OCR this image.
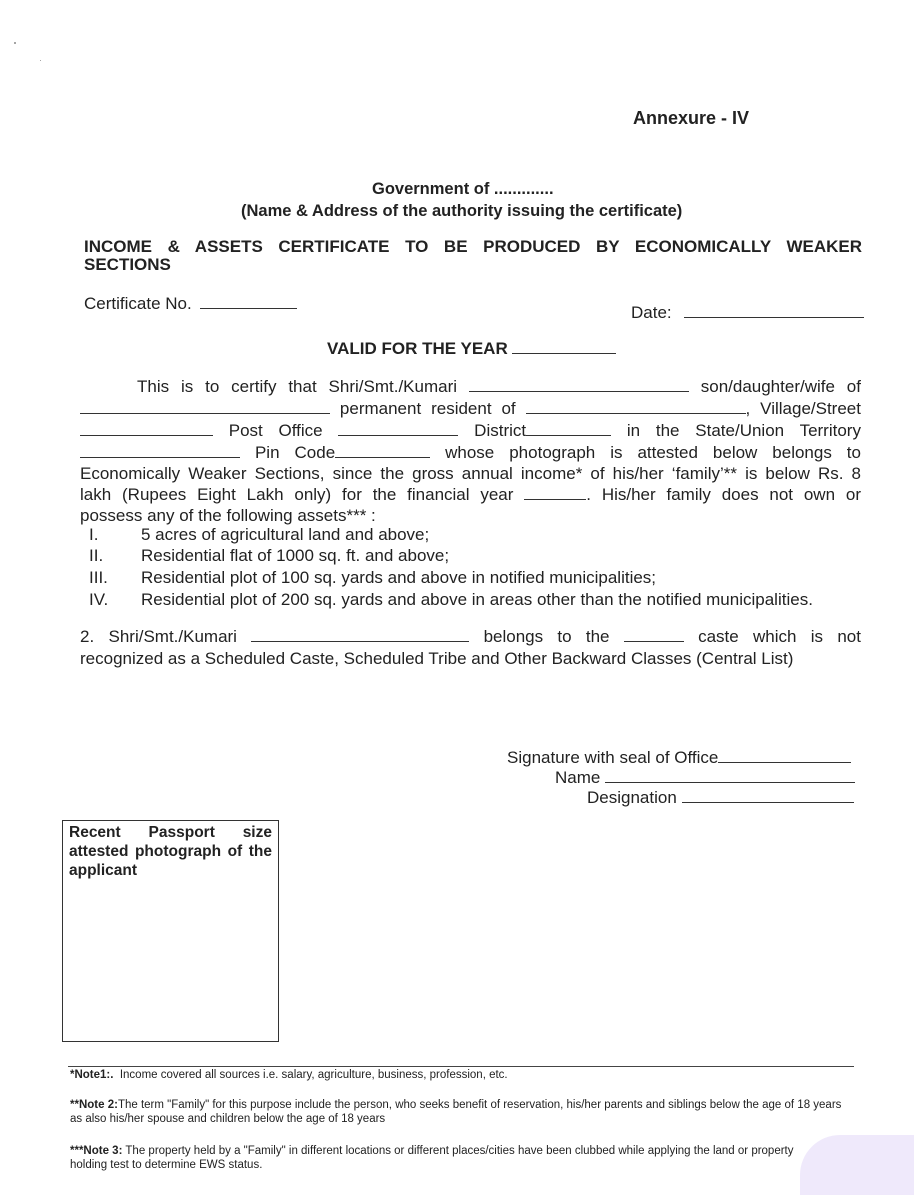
Annexure - IV
Government of .............
(Name & Address of the authority issuing the certificate)
INCOME & ASSETS CERTIFICATE TO BE PRODUCED BY ECONOMICALLY WEAKER
SECTIONS
Certificate No.	Date:
VALID FOR THE YEAR
This is to certify that Shri/Smt./Kumari	son/daughter/wife of
permanent resident of	, Village/Street
Post Office	District	in the State/Union Territory
Pin Code	whose photograph is attested below belongs to
Economically Weaker Sections, since the gross annual income* of his/her ‘family’** is below Rs. 8
lakh (Rupees Eight Lakh only) for the financial year	. His/her family does not own or
possess any of the following assets*** :
I.	5 acres of agricultural land and above;
II. Residential flat of 1000 sq. ft. and above;
III. Residential plot of 100 sq. yards and above in notified municipalities;
IV. Residential plot of 200 sq. yards and above in areas other than the notified municipalities.
2. Shri/Smt./Kumari	belongs to the	caste which is not
recognized as a Scheduled Caste, Scheduled Tribe and Other Backward Classes (Central List)
Signature with seal of Office
Name
Designation
Recent Passport size attested photograph of the applicant
*Note1:. Income covered all sources i.e. salary, agriculture, business, profession, etc.
**Note 2:The term "Family" for this purpose include the person, who seeks benefit of reservation, his/her parents and siblings below the age of 18 years as also his/her spouse and children below the age of 18 years
***Note 3: The property held by a "Family" in different locations or different places/cities have been clubbed while applying the land or property holding test to determine EWS status.
